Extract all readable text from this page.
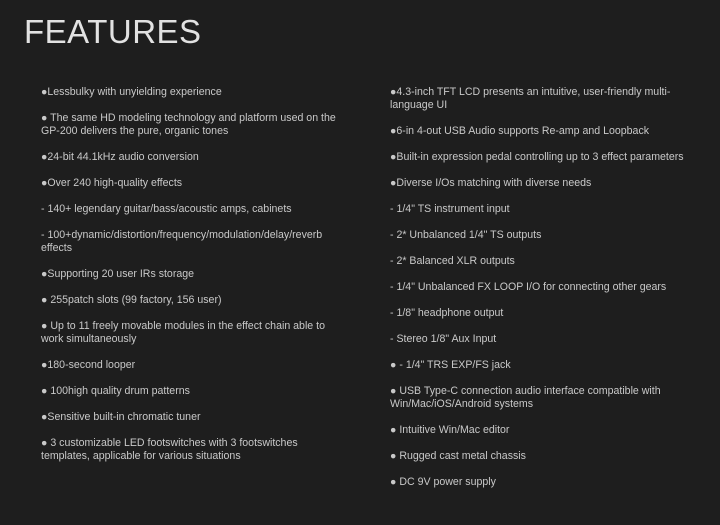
FEATURES
●Lessbulky with unyielding experience
● The same HD modeling technology and platform used on the GP-200 delivers the pure, organic tones
●24-bit 44.1kHz audio conversion
●Over 240 high-quality effects
- 140+ legendary guitar/bass/acoustic amps, cabinets
- 100+dynamic/distortion/frequency/modulation/delay/reverb effects
●Supporting 20 user IRs storage
● 255patch slots (99 factory, 156 user)
● Up to 11 freely movable modules in the effect chain able to work simultaneously
●180-second looper
● 100high quality drum patterns
●Sensitive built-in chromatic tuner
● 3 customizable LED footswitches with 3 footswitches templates, applicable for various situations
●4.3-inch TFT LCD presents an intuitive, user-friendly multi-language UI
●6-in 4-out USB Audio supports Re-amp and Loopback
●Built-in expression pedal controlling up to 3 effect parameters
●Diverse I/Os matching with diverse needs
- 1/4" TS instrument input
- 2* Unbalanced 1/4" TS outputs
- 2* Balanced XLR outputs
- 1/4" Unbalanced FX LOOP I/O for connecting other gears
- 1/8" headphone output
- Stereo 1/8" Aux Input
● - 1/4" TRS EXP/FS jack
● USB Type-C connection audio interface compatible with Win/Mac/iOS/Android systems
● Intuitive Win/Mac editor
● Rugged cast metal chassis
● DC 9V power supply
